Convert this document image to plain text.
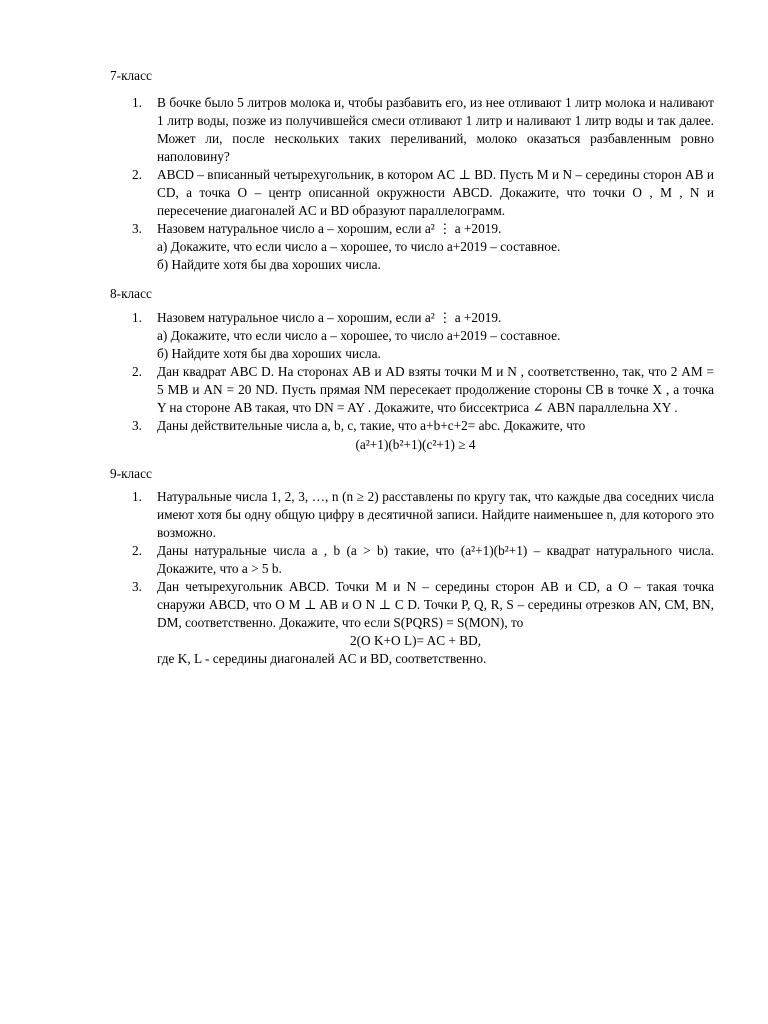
7-класс

1. В бочке было 5 литров молока и, чтобы разбавить его, из нее отливают 1 литр молока и наливают 1 литр воды, позже из получившейся смеси отливают 1 литр и наливают 1 литр воды и так далее. Может ли, после нескольких таких переливаний, молоко оказаться разбавленным ровно наполовину?
2. ABCD – вписанный четырехугольник, в котором AC ⊥ BD. Пусть M и N – середины сторон AB и CD, а точка O – центр описанной окружности ABCD. Докажите, что точки O , M , N и пересечение диагоналей AC и BD образуют параллелограмм.
3. Назовем натуральное число a – хорошим, если a² ⋮ a +2019.
а) Докажите, что если число a – хорошее, то число a+2019 – составное.
б) Найдите хотя бы два хороших числа.

8-класс

1. Назовем натуральное число a – хорошим, если a² ⋮ a +2019.
а) Докажите, что если число a – хорошее, то число a+2019 – составное.
б) Найдите хотя бы два хороших числа.
2. Дан квадрат ABC D. На сторонах AB и AD взяты точки M и N , соответственно, так, что 2 AM = 5 MB и AN = 20 ND. Пусть прямая NM пересекает продолжение стороны CB в точке X , а точка Y на стороне AB такая, что DN = AY . Докажите, что биссектриса ∠ ABN параллельна XY .
3. Даны действительные числа a, b, c, такие, что a+b+c+2= abc. Докажите, что
(a²+1)(b²+1)(c²+1) ≥ 4

9-класс

1. Натуральные числа 1, 2, 3, …, n (n ≥ 2) расставлены по кругу так, что каждые два соседних числа имеют хотя бы одну общую цифру в десятичной записи. Найдите наименьшее n, для которого это возможно.
2. Даны натуральные числа a , b (a > b) такие, что (a²+1)(b²+1) – квадрат натурального числа. Докажите, что a > 5 b.
3. Дан четырехугольник ABCD. Точки M и N – середины сторон AB и CD, а O – такая точка снаружи ABCD, что O M ⊥ AB и O N ⊥ C D. Точки P, Q, R, S – середины отрезков AN, CM, BN, DM, соответственно. Докажите, что если S(PQRS) = S(MON), то
2(O K+O L)= AC + BD,
где K, L - середины диагоналей AC и BD, соответственно.
